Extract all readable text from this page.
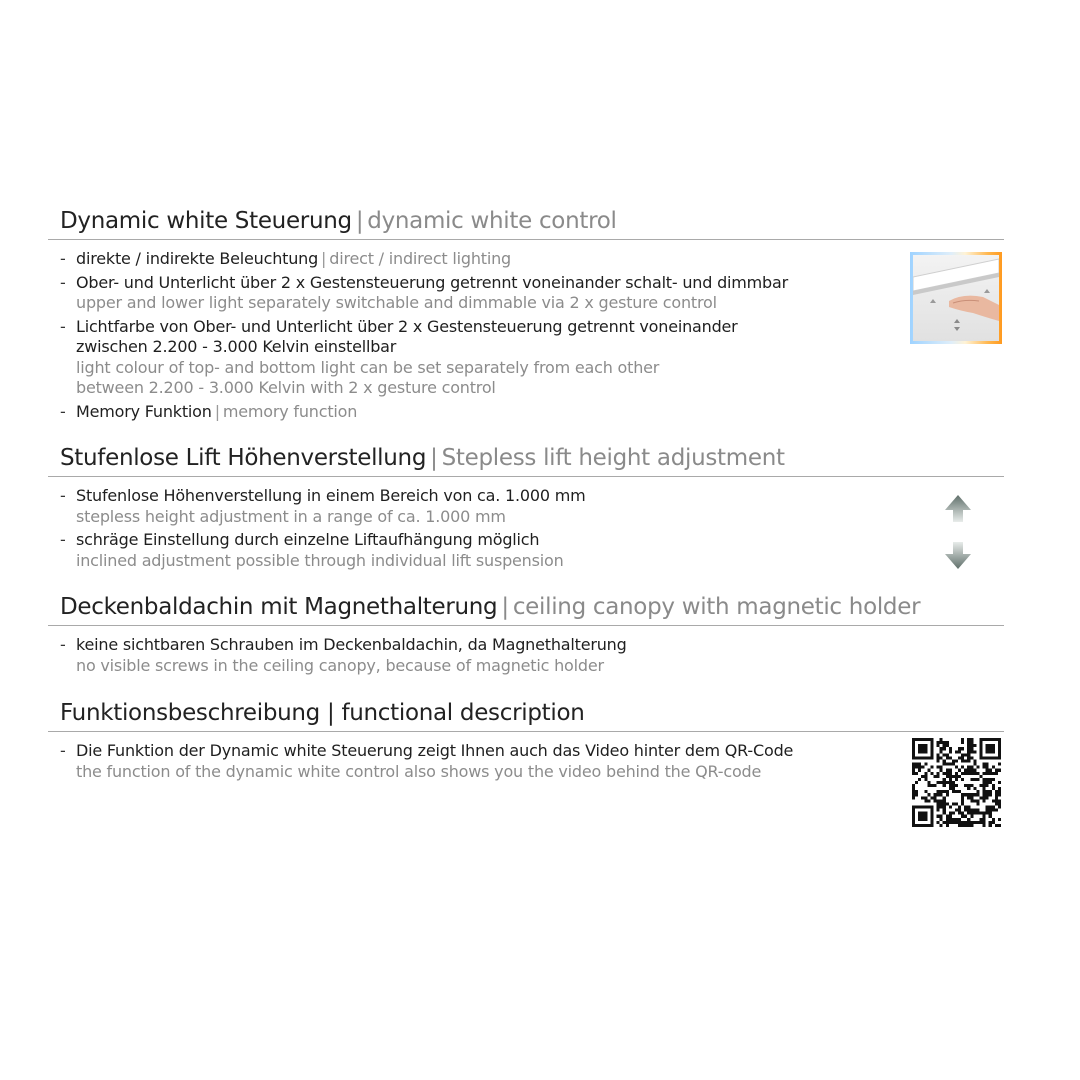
Dynamic white Steuerung | dynamic white control
- direkte / indirekte Beleuchtung | direct / indirect lighting
- Ober- und Unterlicht über 2 x Gestensteuerung getrennt voneinander schalt- und dimmbar
upper and lower light separately switchable and dimmable via 2 x gesture control
- Lichtfarbe von Ober- und Unterlicht über 2 x Gestensteuerung getrennt voneinander
zwischen 2.200 - 3.000 Kelvin einstellbar
light colour of top- and bottom light can be set separately from each other
between 2.200 - 3.000 Kelvin with 2 x gesture control
- Memory Funktion | memory function
Stufenlose Lift Höhenverstellung | Stepless lift height adjustment
- Stufenlose Höhenverstellung in einem Bereich von ca. 1.000 mm
stepless height adjustment in a range of ca. 1.000 mm
- schräge Einstellung durch einzelne Liftaufhängung möglich
inclined adjustment possible through individual lift suspension
Deckenbaldachin mit Magnethalterung | ceiling canopy with magnetic holder
- keine sichtbaren Schrauben im Deckenbaldachin, da Magnethalterung
no visible screws in the ceiling canopy, because of magnetic holder
Funktionsbeschreibung | functional description
- Die Funktion der Dynamic white Steuerung zeigt Ihnen auch das Video hinter dem QR-Code
the function of the dynamic white control also shows you the video behind the QR-code
